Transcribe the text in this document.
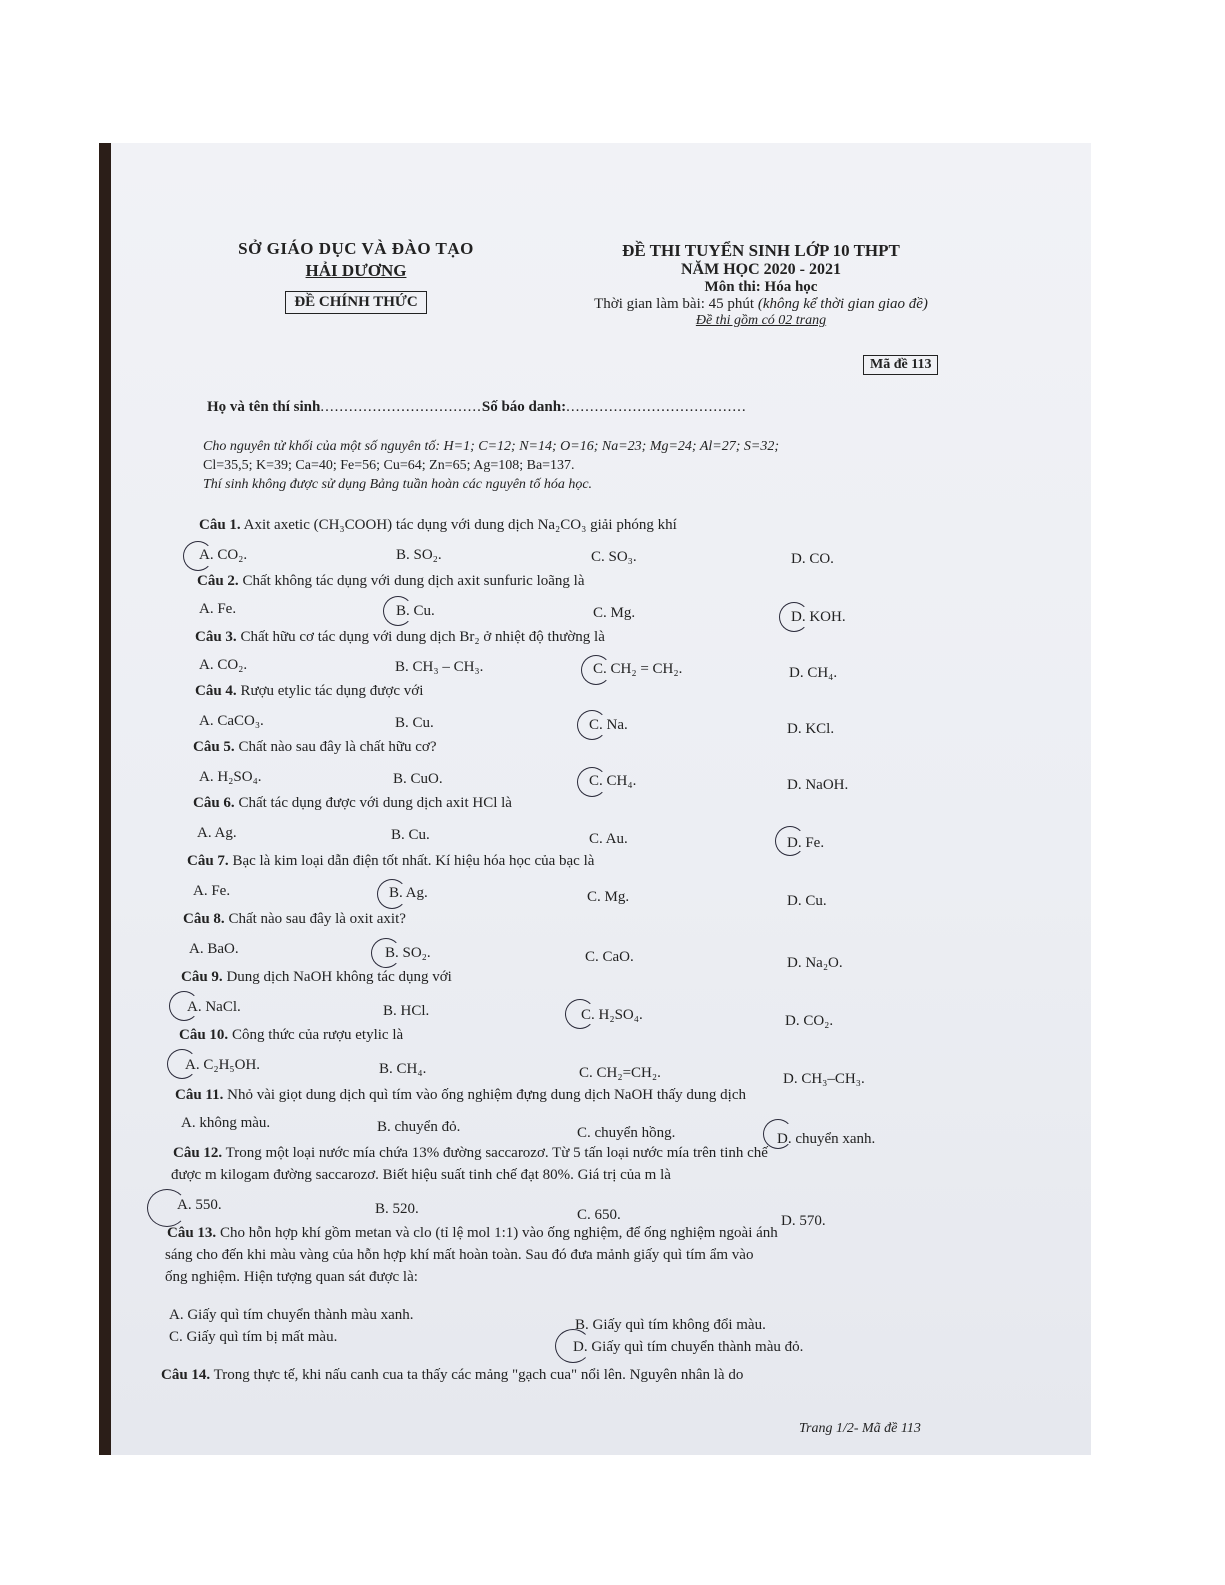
SỞ GIÁO DỤC VÀ ĐÀO TẠO
HẢI DƯƠNG
ĐỀ CHÍNH THỨC
ĐỀ THI TUYỂN SINH LỚP 10 THPT
NĂM HỌC 2020 - 2021
Môn thi: Hóa học
Thời gian làm bài: 45 phút (không kể thời gian giao đề)
Đề thi gồm có 02 trang
Mã đề 113
Họ và tên thí sinh..................................Số báo danh:......................................
Cho nguyên tử khối của một số nguyên tố: H=1; C=12; N=14; O=16; Na=23; Mg=24; Al=27; S=32;
Cl=35,5; K=39; Ca=40; Fe=56; Cu=64; Zn=65; Ag=108; Ba=137.
Thí sinh không được sử dụng Bảng tuần hoàn các nguyên tố hóa học.
Câu 1. Axit axetic (CH₃COOH) tác dụng với dung dịch Na₂CO₃ giải phóng khí
A. CO₂.	B. SO₂.	C. SO₃.	D. CO.
Câu 2. Chất không tác dụng với dung dịch axit sunfuric loãng là
A. Fe.	B. Cu.	C. Mg.	D. KOH.
Câu 3. Chất hữu cơ tác dụng với dung dịch Br₂ ở nhiệt độ thường là
A. CO₂.	B. CH₃ – CH₃.	C. CH₂ = CH₂.	D. CH₄.
Câu 4. Rượu etylic tác dụng được với
A. CaCO₃.	B. Cu.	C. Na.	D. KCl.
Câu 5. Chất nào sau đây là chất hữu cơ?
A. H₂SO₄.	B. CuO.	C. CH₄.	D. NaOH.
Câu 6. Chất tác dụng được với dung dịch axit HCl là
A. Ag.	B. Cu.	C. Au.	D. Fe.
Câu 7. Bạc là kim loại dẫn điện tốt nhất. Kí hiệu hóa học của bạc là
A. Fe.	B. Ag.	C. Mg.	D. Cu.
Câu 8. Chất nào sau đây là oxit axit?
A. BaO.	B. SO₂.	C. CaO.	D. Na₂O.
Câu 9. Dung dịch NaOH không tác dụng với
A. NaCl.	B. HCl.	C. H₂SO₄.	D. CO₂.
Câu 10. Công thức của rượu etylic là
A. C₂H₅OH.	B. CH₄.	C. CH₂=CH₂.	D. CH₃–CH₃.
Câu 11. Nhỏ vài giọt dung dịch quì tím vào ống nghiệm đựng dung dịch NaOH thấy dung dịch
A. không màu.	B. chuyển đỏ.	C. chuyển hồng.	D. chuyển xanh.
Câu 12. Trong một loại nước mía chứa 13% đường saccarozơ. Từ 5 tấn loại nước mía trên tinh chế
được m kilogam đường saccarozơ. Biết hiệu suất tinh chế đạt 80%. Giá trị của m là
A. 550.	B. 520.	C. 650.	D. 570.
Câu 13. Cho hỗn hợp khí gồm metan và clo (tỉ lệ mol 1:1) vào ống nghiệm, để ống nghiệm ngoài ánh
sáng cho đến khi màu vàng của hỗn hợp khí mất hoàn toàn. Sau đó đưa mảnh giấy quì tím ẩm vào
ống nghiệm. Hiện tượng quan sát được là:
A. Giấy quì tím chuyển thành màu xanh.
B. Giấy quì tím không đổi màu.
C. Giấy quì tím bị mất màu.
D. Giấy quì tím chuyển thành màu đỏ.
Câu 14. Trong thực tế, khi nấu canh cua ta thấy các mảng "gạch cua" nổi lên. Nguyên nhân là do
Trang 1/2- Mã đề 113
